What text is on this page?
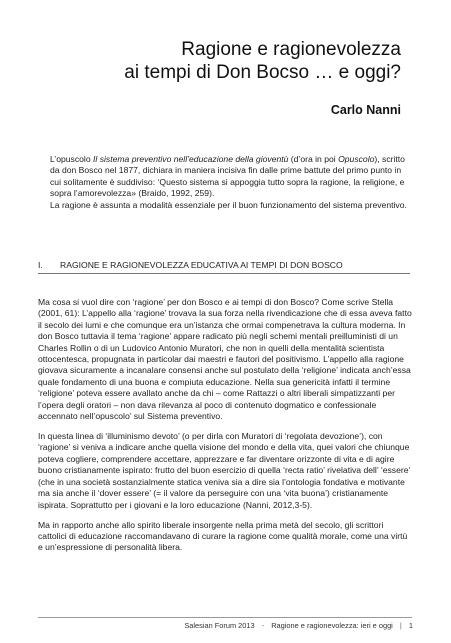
Ragione e ragionevolezza
ai tempi di Don Bocso … e oggi?
Carlo Nanni

L’opuscolo Il sistema preventivo nell’educazione della gioventù (d’ora in poi Opuscolo), scritto da don Bosco nel 1877, dichiara in maniera incisiva fin dalle prime battute del primo punto in cui solitamente è suddiviso: ‘Questo sistema si appoggia tutto sopra la ragione, la religione, e sopra l’amorevolezza» (Braido, 1992, 259).

La ragione è assunta a modalità essenziale per il buon funzionamento del sistema preventivo.

I. RAGIONE E RAGIONEVOLEZZA EDUCATIVA AI TEMPI DI DON BOSCO

Ma cosa si vuol dire con ‘ragione’ per don Bosco e ai tempi di don Bosco? Come scrive Stella (2001, 61): L’appello alla ‘ragione’ trovava la sua forza nella rivendicazione che di essa aveva fatto il secolo dei lumi e che comunque era un’istanza che ormai compenetrava la cultura moderna. In don Bosco tuttavia il tema ‘ragione’ appare radicato più negli schemi mentali preilluministi di un Charles Rollin o di un Ludovico Antonio Muratori, che non in quelli della mentalità scientista ottocentesca, propugnata in particolar dai maestri e fautori del positivismo. L’appello alla ragione giovava sicuramente a incanalare consensi anche sul postulato della ‘religione’ indicata anch’essa quale fondamento di una buona e compiuta educazione. Nella sua genericità infatti il termine ‘religione’ poteva essere avallato anche da chi – come Rattazzi o altri liberali simpatizzanti per l’opera degli oratori – non dava rilevanza al poco di contenuto dogmatico e confessionale accennato nell’opuscolo’ sul Sistema preventivo.

In questa linea di ‘illuminismo devoto’ (o per dirla con Muratori di ‘regolata devozione’), con ‘ragione’ si veniva a indicare anche quella visione del mondo e della vita, quei valori che chiunque poteva cogliere, comprendere accettare, apprezzare e far diventare orizzonte di vita e di agire buono cristianamente ispirato: frutto del buon esercizio di quella ‘recta ratio’ rivelativa dell’ ‘essere’ (che in una società sostanzialmente statica veniva sia a dire sia l’ontologia fondativa e motivante ma sia anche il ‘dover essere’ (= il valore da perseguire con una ‘vita buona’) cristianamente ispirata. Soprattutto per i giovani e la loro educazione (Nanni, 2012,3-5).

Ma in rapporto anche allo spirito liberale insorgente nella prima metà del secolo, gli scrittori cattolici di educazione raccomandavano di curare la ragione come qualità morale, come una virtù e un’espressione di personalità libera.

Salesian Forum 2013 - Ragione e ragionevolezza: ieri e oggi | 1
